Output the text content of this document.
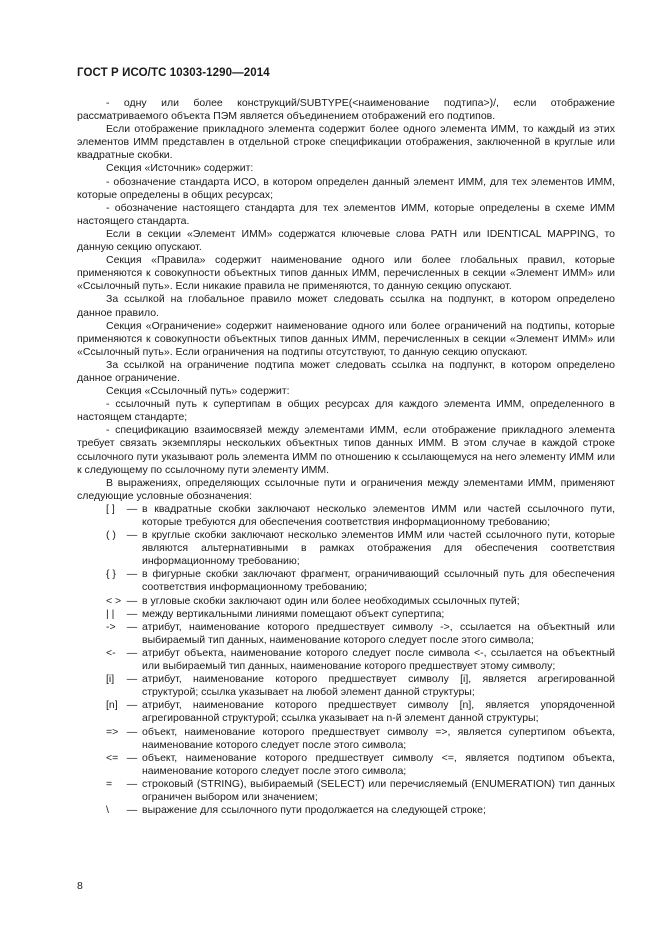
ГОСТ Р ИСО/ТС 10303-1290—2014

- одну или более конструкций/SUBTYPE(<наименование подтипа>)/, если отображение рассматриваемого объекта ПЭМ является объединением отображений его подтипов.

Если отображение прикладного элемента содержит более одного элемента ИММ, то каждый из этих элементов ИММ представлен в отдельной строке спецификации отображения, заключенной в круглые или квадратные скобки.

Секция «Источник» содержит:

- обозначение стандарта ИСО, в котором определен данный элемент ИММ, для тех элементов ИММ, которые определены в общих ресурсах;

- обозначение настоящего стандарта для тех элементов ИММ, которые определены в схеме ИММ настоящего стандарта.

Если в секции «Элемент ИММ» содержатся ключевые слова PATH или IDENTICAL MAPPING, то данную секцию опускают.

Секция «Правила» содержит наименование одного или более глобальных правил, которые применяются к совокупности объектных типов данных ИММ, перечисленных в секции «Элемент ИММ» или «Ссылочный путь». Если никакие правила не применяются, то данную секцию опускают.

За ссылкой на глобальное правило может следовать ссылка на подпункт, в котором определено данное правило.

Секция «Ограничение» содержит наименование одного или более ограничений на подтипы, которые применяются к совокупности объектных типов данных ИММ, перечисленных в секции «Элемент ИММ» или «Ссылочный путь». Если ограничения на подтипы отсутствуют, то данную секцию опускают.

За ссылкой на ограничение подтипа может следовать ссылка на подпункт, в котором определено данное ограничение.

Секция «Ссылочный путь» содержит:

- ссылочный путь к супертипам в общих ресурсах для каждого элемента ИММ, определенного в настоящем стандарте;

- спецификацию взаимосвязей между элементами ИММ, если отображение прикладного элемента требует связать экземпляры нескольких объектных типов данных ИММ. В этом случае в каждой строке ссылочного пути указывают роль элемента ИММ по отношению к ссылающемуся на него элементу ИММ или к следующему по ссылочному пути элементу ИММ.

В выражениях, определяющих ссылочные пути и ограничения между элементами ИММ, применяют следующие условные обозначения:

[ ]	— в квадратные скобки заключают несколько элементов ИММ или частей ссылочного пути, которые требуются для обеспечения соответствия информационному требованию;
( )	— в круглые скобки заключают несколько элементов ИММ или частей ссылочного пути, которые являются альтернативными в рамках отображения для обеспечения соответствия информационному требованию;
{ }	— в фигурные скобки заключают фрагмент, ограничивающий ссылочный путь для обеспечения соответствия информационному требованию;
< > — в угловые скобки заключают один или более необходимых ссылочных путей;
| |	— между вертикальными линиями помещают объект супертипа;
->	— атрибут, наименование которого предшествует символу ->, ссылается на объектный или выбираемый тип данных, наименование которого следует после этого символа;
<-	— атрибут объекта, наименование которого следует после символа <-, ссылается на объектный или выбираемый тип данных, наименование которого предшествует этому символу;
[i]	— атрибут, наименование которого предшествует символу [i], является агрегированной структурой; ссылка указывает на любой элемент данной структуры;
[n] — атрибут, наименование которого предшествует символу [n], является упорядоченной агрегированной структурой; ссылка указывает на n-й элемент данной структуры;
=> — объект, наименование которого предшествует символу =>, является супертипом объекта, наименование которого следует после этого символа;
<= — объект, наименование которого предшествует символу <=, является подтипом объекта, наименование которого следует после этого символа;
=	— строковый (STRING), выбираемый (SELECT) или перечисляемый (ENUMERATION) тип данных ограничен выбором или значением;
\	— выражение для ссылочного пути продолжается на следующей строке;
8
